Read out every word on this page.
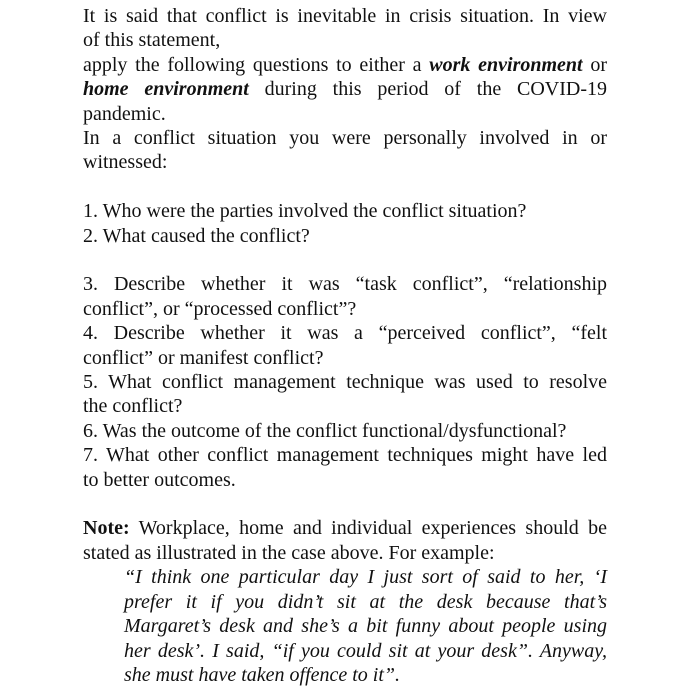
It is said that conflict is inevitable in crisis situation. In view
of this statement,
apply the following questions to either a work environment or
home environment during this period of the COVID-19
pandemic.
In a conflict situation you were personally involved in or
witnessed:
1. Who were the parties involved the conflict situation?
2. What caused the conflict?
3. Describe whether it was “task conflict”, “relationship
conflict”, or “processed conflict”?
4. Describe whether it was a “perceived conflict”, “felt
conflict” or manifest conflict?
5. What conflict management technique was used to resolve
the conflict?
6. Was the outcome of the conflict functional/dysfunctional?
7. What other conflict management techniques might have led
to better outcomes.
Note: Workplace, home and individual experiences should be
stated as illustrated in the case above. For example:
“I think one particular day I just sort of said to her, ‘I
prefer it if you didn’t sit at the desk because that’s
Margaret’s desk and she’s a bit funny about people using
her desk’. I said, “if you could sit at your desk”. Anyway,
she must have taken offence to it”.
